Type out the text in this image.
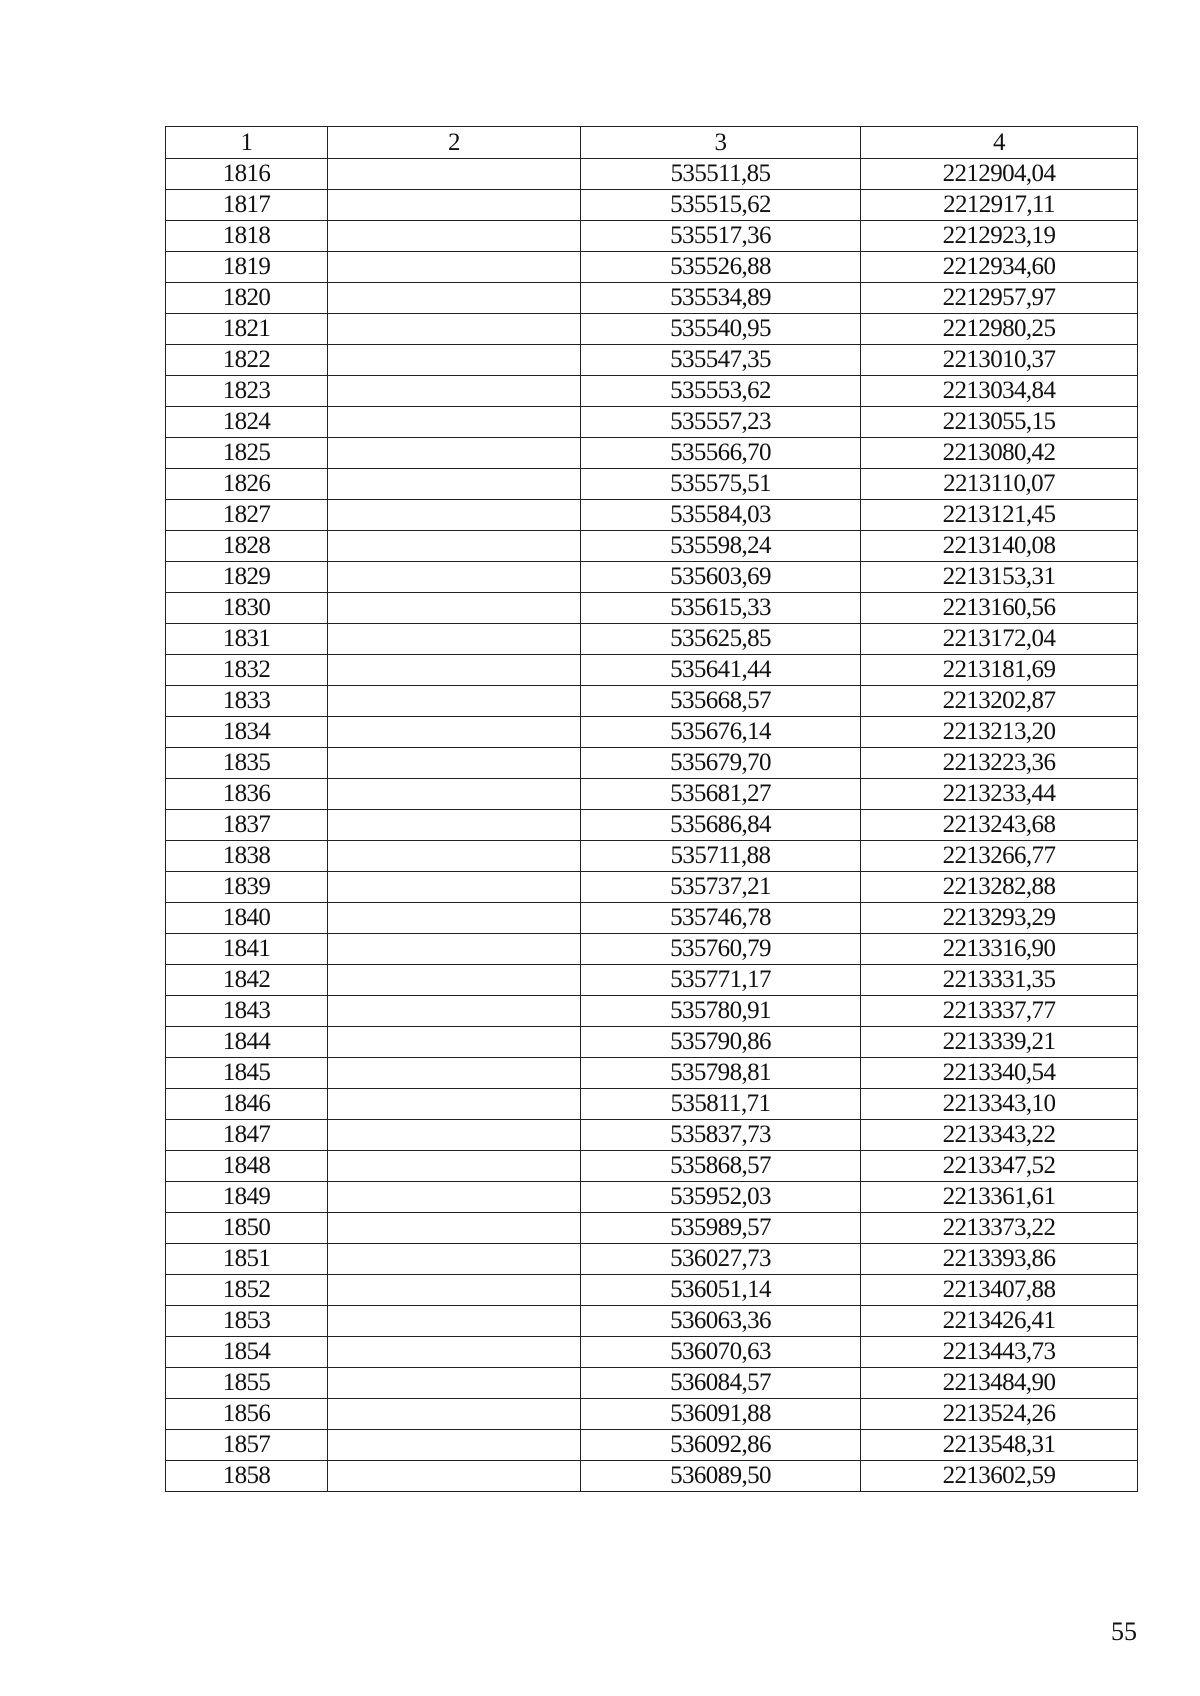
1	2	3	4
1816		535511,85	2212904,04
1817		535515,62	2212917,11
1818		535517,36	2212923,19
1819		535526,88	2212934,60
1820		535534,89	2212957,97
1821		535540,95	2212980,25
1822		535547,35	2213010,37
1823		535553,62	2213034,84
1824		535557,23	2213055,15
1825		535566,70	2213080,42
1826		535575,51	2213110,07
1827		535584,03	2213121,45
1828		535598,24	2213140,08
1829		535603,69	2213153,31
1830		535615,33	2213160,56
1831		535625,85	2213172,04
1832		535641,44	2213181,69
1833		535668,57	2213202,87
1834		535676,14	2213213,20
1835		535679,70	2213223,36
1836		535681,27	2213233,44
1837		535686,84	2213243,68
1838		535711,88	2213266,77
1839		535737,21	2213282,88
1840		535746,78	2213293,29
1841		535760,79	2213316,90
1842		535771,17	2213331,35
1843		535780,91	2213337,77
1844		535790,86	2213339,21
1845		535798,81	2213340,54
1846		535811,71	2213343,10
1847		535837,73	2213343,22
1848		535868,57	2213347,52
1849		535952,03	2213361,61
1850		535989,57	2213373,22
1851		536027,73	2213393,86
1852		536051,14	2213407,88
1853		536063,36	2213426,41
1854		536070,63	2213443,73
1855		536084,57	2213484,90
1856		536091,88	2213524,26
1857		536092,86	2213548,31
1858		536089,50	2213602,59
55
